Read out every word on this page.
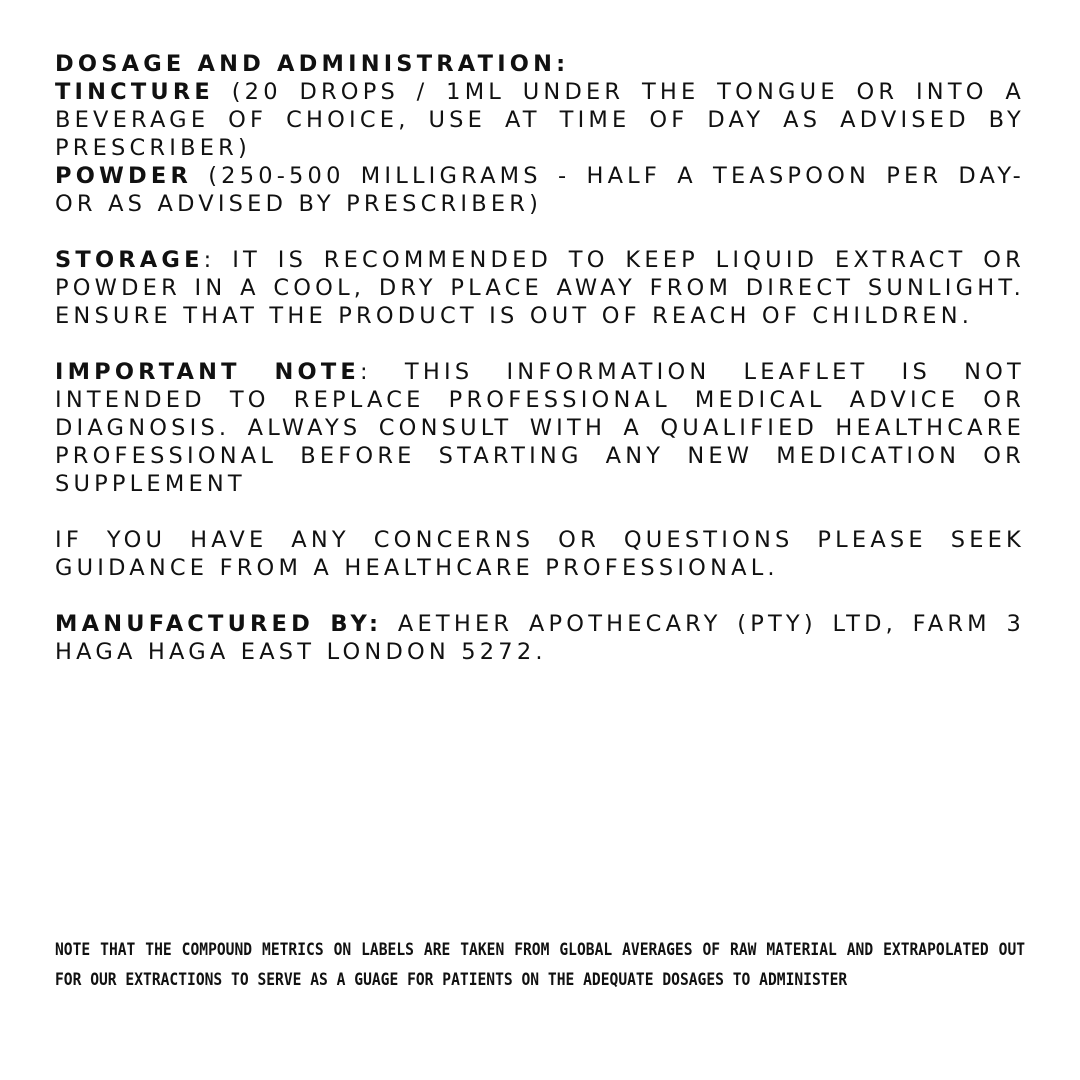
DOSAGE AND ADMINISTRATION:
TINCTURE (20 DROPS / 1ML UNDER THE TONGUE OR INTO A BEVERAGE OF CHOICE, USE AT TIME OF DAY AS ADVISED BY PRESCRIBER)
POWDER (250-500 MILLIGRAMS - HALF A TEASPOON PER DAY- OR AS ADVISED BY PRESCRIBER)

STORAGE: IT IS RECOMMENDED TO KEEP LIQUID EXTRACT OR POWDER IN A COOL, DRY PLACE AWAY FROM DIRECT SUNLIGHT. ENSURE THAT THE PRODUCT IS OUT OF REACH OF CHILDREN.

IMPORTANT NOTE: THIS INFORMATION LEAFLET IS NOT INTENDED TO REPLACE PROFESSIONAL MEDICAL ADVICE OR DIAGNOSIS. ALWAYS CONSULT WITH A QUALIFIED HEALTHCARE PROFESSIONAL BEFORE STARTING ANY NEW MEDICATION OR SUPPLEMENT

IF YOU HAVE ANY CONCERNS OR QUESTIONS PLEASE SEEK GUIDANCE FROM A HEALTHCARE PROFESSIONAL.

MANUFACTURED BY: AETHER APOTHECARY (PTY) LTD, FARM 3 HAGA HAGA EAST LONDON 5272.

NOTE THAT THE COMPOUND METRICS ON LABELS ARE TAKEN FROM GLOBAL AVERAGES OF RAW MATERIAL AND EXTRAPOLATED OUT FOR OUR EXTRACTIONS TO SERVE AS A GUAGE FOR PATIENTS ON THE ADEQUATE DOSAGES TO ADMINISTER
